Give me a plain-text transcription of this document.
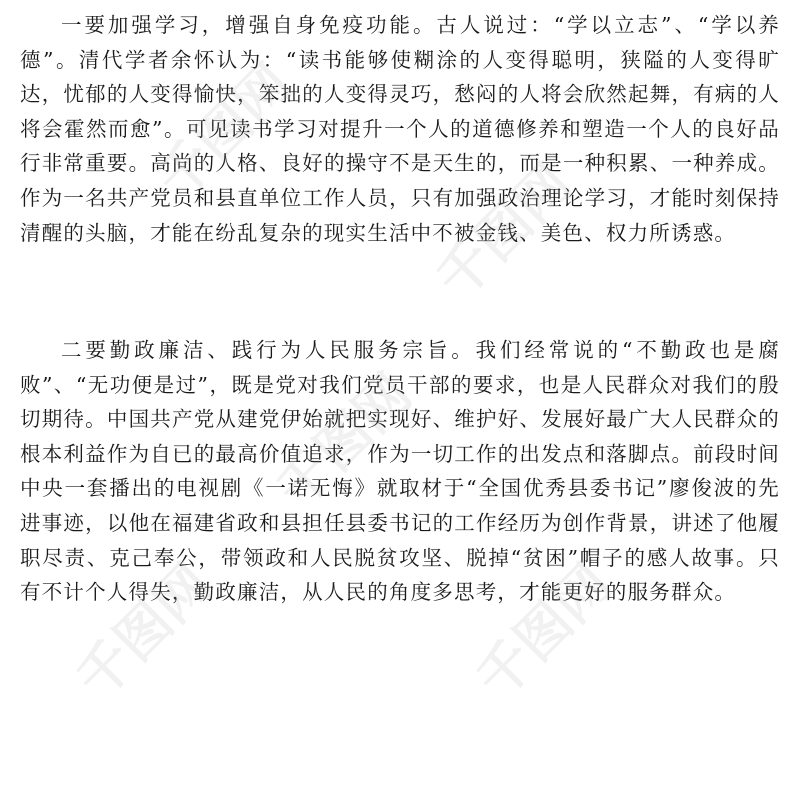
一要加强学习，增强自身免疫功能。古人说过：“学以立志”、“学以养德”。清代学者余怀认为：“读书能够使糊涂的人变得聪明，狭隘的人变得旷达，忧郁的人变得愉快，笨拙的人变得灵巧，愁闷的人将会欣然起舞，有病的人将会霍然而愈”。可见读书学习对提升一个人的道德修养和塑造一个人的良好品行非常重要。高尚的人格、良好的操守不是天生的，而是一种积累、一种养成。作为一名共产党员和县直单位工作人员，只有加强政治理论学习，才能时刻保持清醒的头脑，才能在纷乱复杂的现实生活中不被金钱、美色、权力所诱惑。

二要勤政廉洁、践行为人民服务宗旨。我们经常说的“不勤政也是腐败”、“无功便是过”，既是党对我们党员干部的要求，也是人民群众对我们的殷切期待。中国共产党从建党伊始就把实现好、维护好、发展好最广大人民群众的根本利益作为自已的最高价值追求，作为一切工作的出发点和落脚点。前段时间中央一套播出的电视剧《一诺无悔》就取材于“全国优秀县委书记”廖俊波的先进事迹，以他在福建省政和县担任县委书记的工作经历为创作背景，讲述了他履职尽责、克己奉公，带领政和人民脱贫攻坚、脱掉“贫困”帽子的感人故事。只有不计个人得失，勤政廉洁，从人民的角度多思考，才能更好的服务群众。

千图网
千图网
千图网
千图网	千图网
